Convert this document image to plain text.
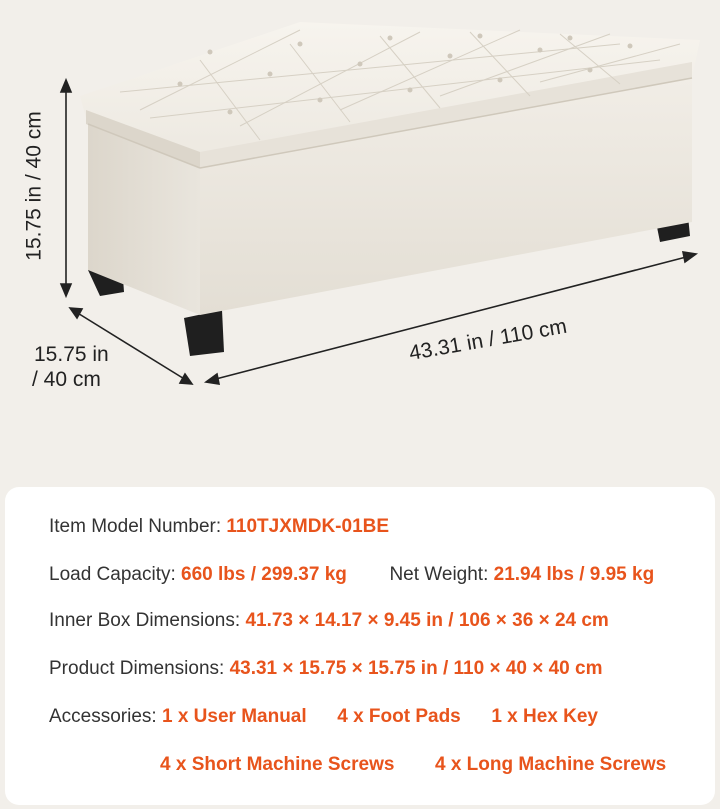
15.75 in / 40 cm
15.75 in
/ 40 cm
43.31 in / 110 cm
Item Model Number: 110TJXMDK-01BE
Load Capacity: 660 lbs / 299.37 kg Net Weight: 21.94 lbs / 9.95 kg
Inner Box Dimensions: 41.73 × 14.17 × 9.45 in / 106 × 36 × 24 cm
Product Dimensions: 43.31 × 15.75 × 15.75 in / 110 × 40 × 40 cm
Accessories: 1 x User Manual 4 x Foot Pads 1 x Hex Key
4 x Short Machine Screws 4 x Long Machine Screws
